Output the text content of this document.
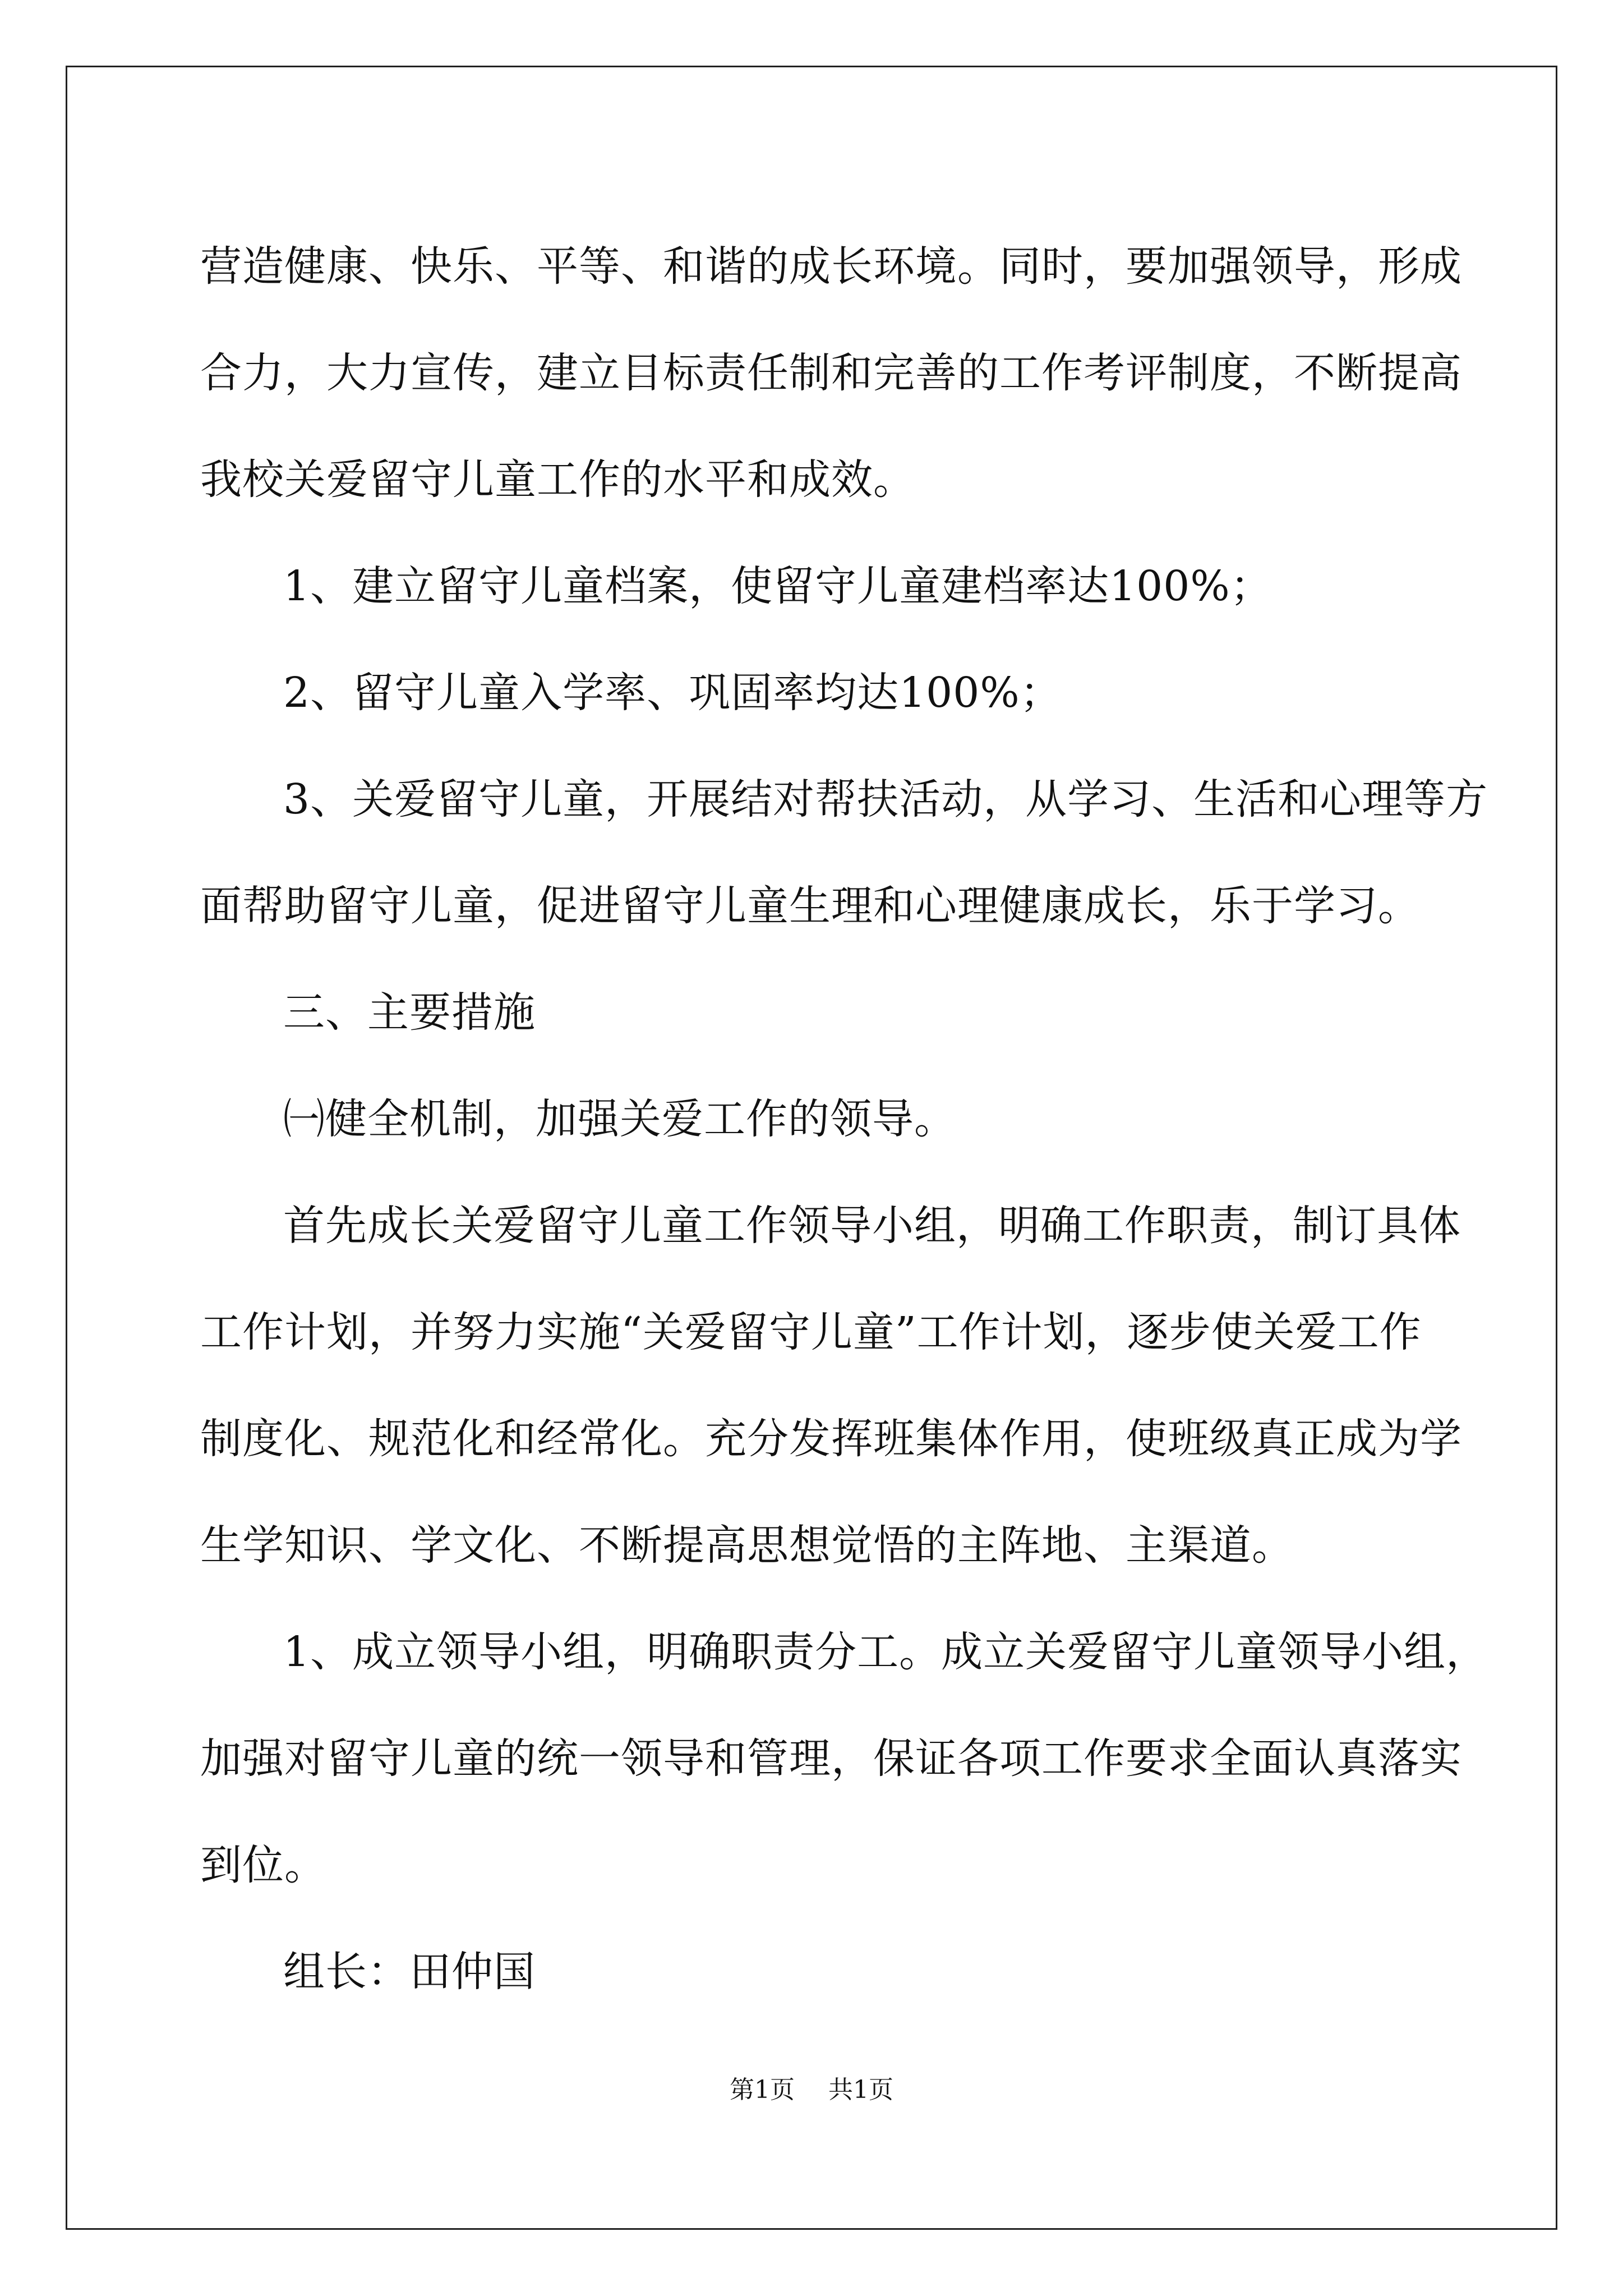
营造健康、快乐、平等、和谐的成长环境。同时，要加强领导，形成
合力，大力宣传，建立目标责任制和完善的工作考评制度，不断提高
我校关爱留守儿童工作的水平和成效。
1、建立留守儿童档案，使留守儿童建档率达100%；
2、留守儿童入学率、巩固率均达100%；
3、关爱留守儿童，开展结对帮扶活动，从学习、生活和心理等方
面帮助留守儿童，促进留守儿童生理和心理健康成长，乐于学习。
三、主要措施
㈠健全机制，加强关爱工作的领导。
首先成长关爱留守儿童工作领导小组，明确工作职责，制订具体
工作计划，并努力实施“关爱留守儿童”工作计划，逐步使关爱工作
制度化、规范化和经常化。充分发挥班集体作用，使班级真正成为学
生学知识、学文化、不断提高思想觉悟的主阵地、主渠道。
1、成立领导小组，明确职责分工。成立关爱留守儿童领导小组，
加强对留守儿童的统一领导和管理，保证各项工作要求全面认真落实
到位。
组长：田仲国
第1页 共1页
